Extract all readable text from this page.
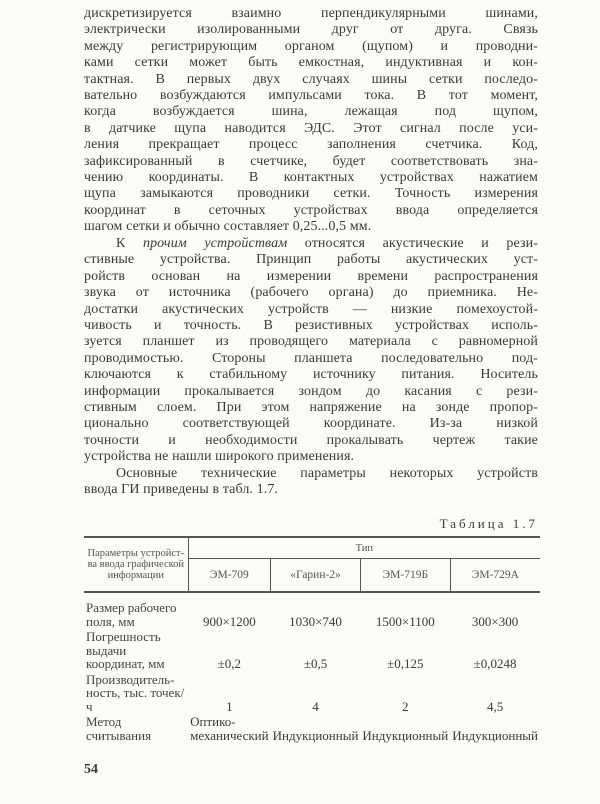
дискретизируется взаимно перпендикулярными шинами,
электрически изолированными друг от друга. Связь
между регистрирующим органом (щупом) и проводни-
ками сетки может быть емкостная, индуктивная и кон-
тактная. В первых двух случаях шины сетки последо-
вательно возбуждаются импульсами тока. В тот момент,
когда возбуждается шина, лежащая под щупом,
в датчике щупа наводится ЭДС. Этот сигнал после уси-
ления прекращает процесс заполнения счетчика. Код,
зафиксированный в счетчике, будет соответствовать зна-
чению координаты. В контактных устройствах нажатием
щупа замыкаются проводники сетки. Точность измерения
координат в сеточных устройствах ввода определяется
шагом сетки и обычно составляет 0,25...0,5 мм.
К прочим устройствам относятся акустические и рези-
стивные устройства. Принцип работы акустических уст-
ройств основан на измерении времени распространения
звука от источника (рабочего органа) до приемника. Не-
достатки акустических устройств — низкие помехоустой-
чивость и точность. В резистивных устройствах исполь-
зуется планшет из проводящего материала с равномерной
проводимостью. Стороны планшета последовательно под-
ключаются к стабильному источнику питания. Носитель
информации прокалывается зондом до касания с рези-
стивным слоем. При этом напряжение на зонде пропор-
ционально соответствующей координате. Из-за низкой
точности и необходимости прокалывать чертеж такие
устройства не нашли широкого применения.
Основные технические параметры некоторых устройств
ввода ГИ приведены в табл. 1.7.
Таблица 1.7
Параметры устройст-ва ввода графической информации	Тип			
	ЭМ-709	«Гарин-2»	ЭМ-719Б	ЭМ-729А
Размер рабочего поля, мм	900×1200	1030×740	1500×1100	300×300
Погрешность выдачи координат, мм	±0,2	±0,5	±0,125	±0,0248
Производитель-ность, тыс. точек/ч	1	4	2	4,5
Метод считывания	Оптико-механический	Индукционный	Индукционный	Индукционный
54
